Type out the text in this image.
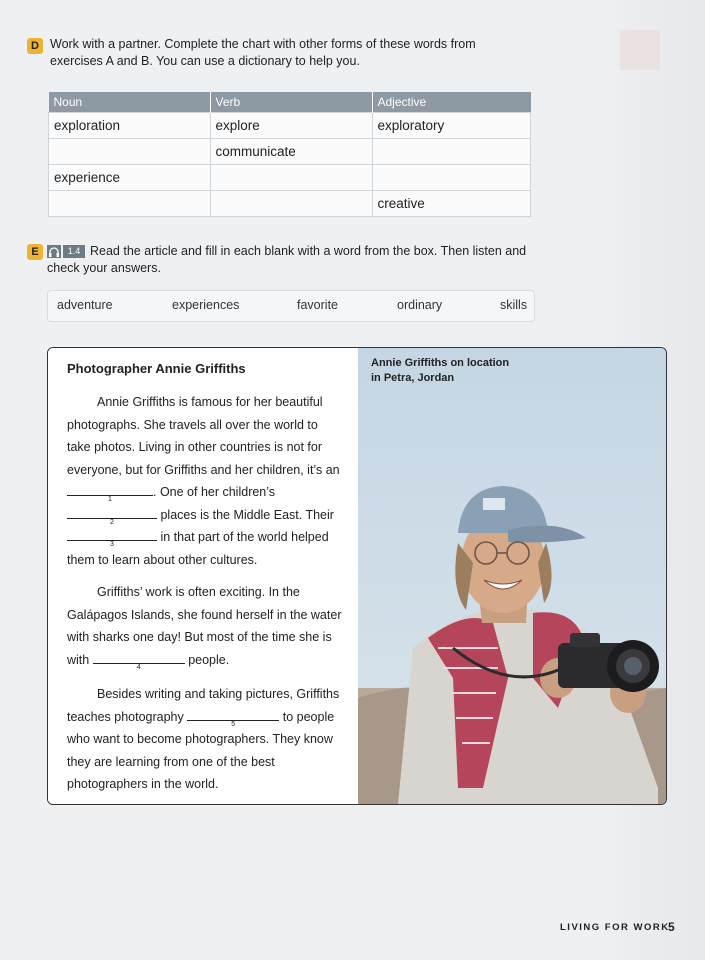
D Work with a partner. Complete the chart with other forms of these words from exercises A and B. You can use a dictionary to help you.
Noun	Verb	Adjective
exploration	explore	exploratory
	communicate	
experience		
		creative
E	1.4 Read the article and fill in each blank with a word from the box. Then listen and check your answers.
adventure	experiences	favorite	ordinary	skills
Photographer Annie Griffiths
Annie Griffiths is famous for her beautiful photographs. She travels all over the world to take photos. Living in other countries is not for everyone, but for Griffiths and her children, it’s an
1
. One of her children’s
2
places is the Middle East. Their
3
in that part of the world helped them to learn about other cultures.
Griffiths’ work is often exciting. In the Galápagos Islands, she found herself in the water with sharks one day! But most of the time she is with
4
people.
Besides writing and taking pictures, Griffiths teaches photography
5
to people who want to become photographers. They know they are learning from one of the best photographers in the world.
Annie Griffiths on location in Petra, Jordan
LIVING FOR WORK
5
